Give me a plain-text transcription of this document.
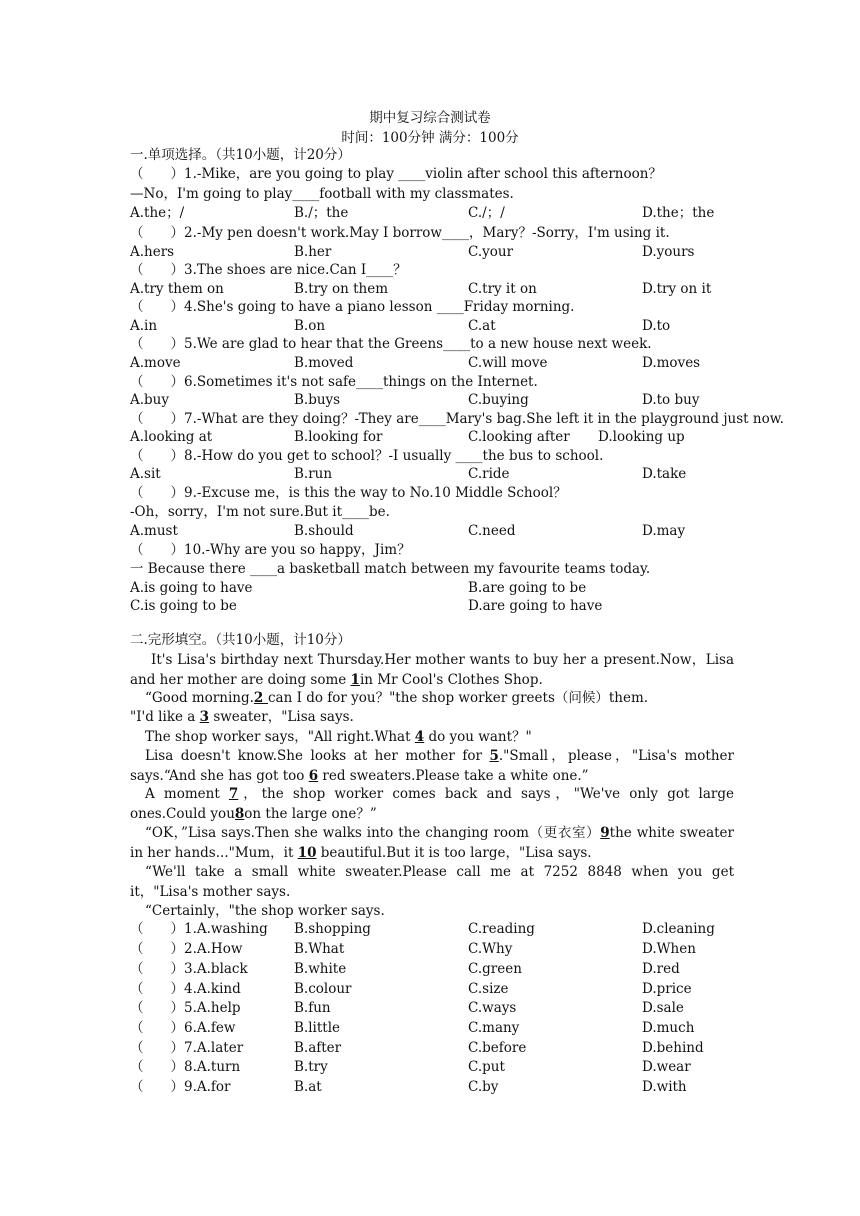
期中复习综合测试卷
时间：100分钟 满分：100分
一.单项选择。（共10小题，计20分）
（　　）1.-Mike，are you going to play ____violin after school this afternoon？
—No，I'm going to play____football with my classmates.
A.the；/	B./；the	C./；/	D.the；the
（　　）2.-My pen doesn't work.May I borrow____，Mary？-Sorry，I'm using it.
A.hers	B.her	C.your	D.yours
（　　）3.The shoes are nice.Can I____？
A.try them on	B.try on them	C.try it on	D.try on it
（　　）4.She's going to have a piano lesson ____Friday morning.
A.in	B.on	C.at	D.to
（　　）5.We are glad to hear that the Greens____to a new house next week.
A.move	B.moved	C.will move	D.moves
（　　）6.Sometimes it's not safe____things on the Internet.
A.buy	B.buys	C.buying	D.to buy
（　　）7.-What are they doing？-They are____Mary's bag.She left it in the playground just now.
A.looking at	B.looking for	C.looking after D.looking up
（　　）8.-How do you get to school？-I usually ____the bus to school.
A.sit	B.run	C.ride	D.take
（　　）9.-Excuse me，is this the way to No.10 Middle School？
-Oh，sorry，I'm not sure.But it____be.
A.must	B.should	C.need	D.may
（　　）10.-Why are you so happy，Jim？
一 Because there ____a basketball match between my favourite teams today.
A.is going to have	B.are going to be
C.is going to be	D.are going to have
二.完形填空。（共10小题，计10分）
It's Lisa's birthday next Thursday.Her mother wants to buy her a present.Now，Lisa and her mother are doing some 1in Mr Cool's Clothes Shop.
“Good morning.2 can I do for you？"the shop worker greets（问候）them.
"I'd like a 3 sweater，"Lisa says.
The shop worker says，"All right.What 4 do you want？"
Lisa doesn't know.She looks at her mother for 5."Small，please，"Lisa's mother says.“And she has got too 6 red sweaters.Please take a white one.”
A moment 7，the shop worker comes back and says，"We've only got large ones.Could you8on the large one？”
“OK，”Lisa says.Then she walks into the changing room（更衣室）9the white sweater in her hands..."Mum，it 10 beautiful.But it is too large，"Lisa says.
“We'll take a small white sweater.Please call me at 7252 8848 when you get it，"Lisa's mother says.
“Certainly，"the shop worker says.
（　　）1.A.washing B.shopping	C.reading	D.cleaning
（　　）2.A.How	B.What	C.Why	D.When
（　　）3.A.black	B.white	C.green	D.red
（　　）4.A.kind	B.colour	C.size	D.price
（　　）5.A.help	B.fun	C.ways	D.sale
（　　）6.A.few	B.little	C.many	D.much
（　　）7.A.later	B.after	C.before	D.behind
（　　）8.A.turn	B.try	C.put	D.wear
（　　）9.A.for	B.at	C.by	D.with
